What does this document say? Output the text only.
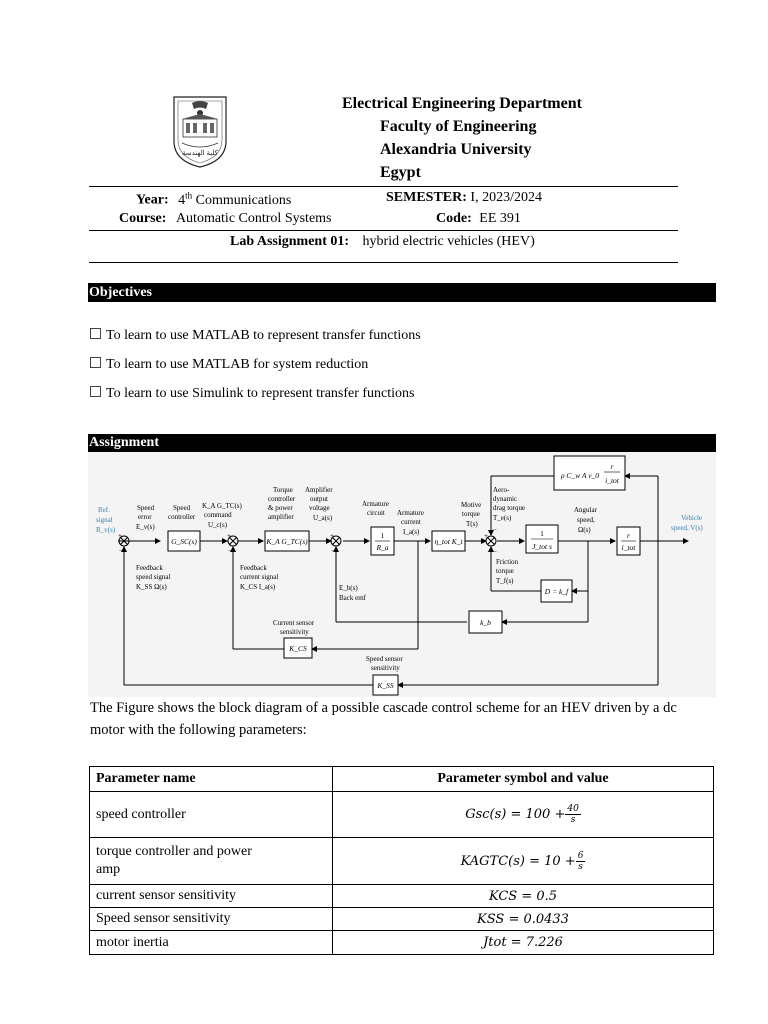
كلية الهندسة
Electrical Engineering Department
Faculty of Engineering
Alexandria University
Egypt
Year: 4th Communications	SEMESTER: I, 2023/2024
Course: Automatic Control Systems	Code: EE 391
Lab Assignment 01: hybrid electric vehicles (HEV)
Objectives
To learn to use MATLAB to represent transfer functions
To learn to use MATLAB for system reduction
To learn to use Simulink to represent transfer functions
Assignment
G_SC(s)	K_A G_TC(s)
1
R_a
η_tot K_t
1
J_tot s
r
i_tot
ρ C_w A v_0
r
i_tot
D = k_f
k_b
K_CS
K_SS
Ref.
signal
R_v(s)
Speed
error
E_v(s)
Speed
controller
K_A G_TC(s)
command
U_c(s)
Torque
controller
& power
amplifier
Amplifier
output
voltage
U_a(s)
Armature
circuit Armature
current
I_a(s)
Motive
torque
T(s)
Aero-
dynamic
drag torque
T_e(s)
Angular
speed,
Ω(s)
Vehicle
speed, V(s)
Friction
torque
T_f(s)
Feedback
speed signal
K_SS Ω(s)
Feedback
current signal
K_CS I_a(s)	E_b(s)
Back emf
Current sensor
sensitivity
Speed sensor
sensitivity
+
−
+
−
+
−
+
−
−
The Figure shows the block diagram of a possible cascade control scheme for an HEV driven by a dc motor with the following parameters:
Parameter name	Parameter symbol and value
speed controller	$Gsc(s) = 100 + \frac{40}{s}$

torque controller and power
amp	KAGTC(s) = $10 + \frac{6}{s}$

current sensor sensitivity	KCS = 0.5
Speed sensor sensitivity	KSS = 0.0433
motor inertia	Jtot = 7.226
